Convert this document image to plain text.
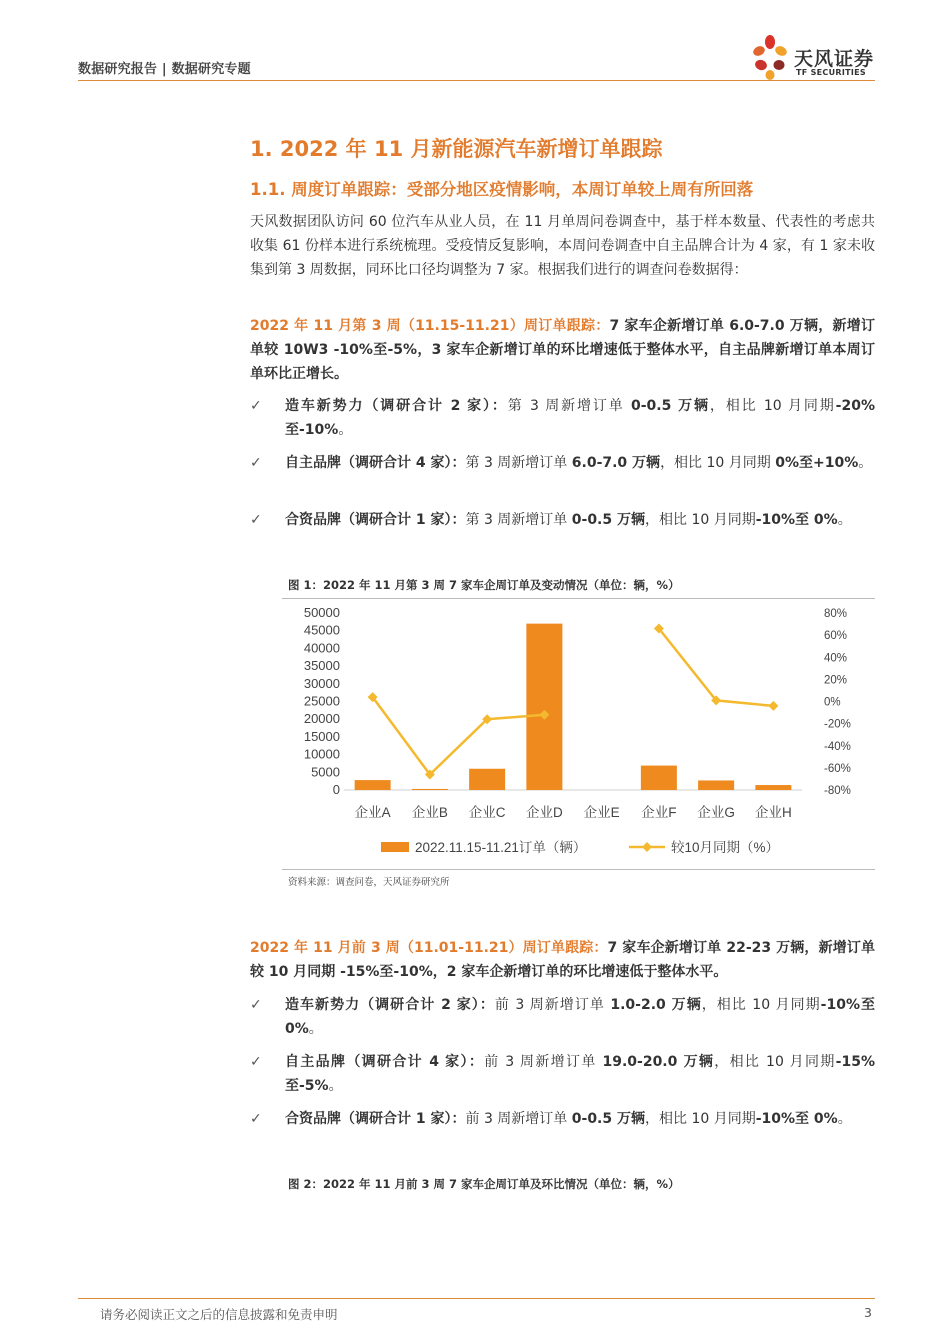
数据研究报告 | 数据研究专题	天风证券
TF SECURITIES
1. 2022 年 11 月新能源汽车新增订单跟踪
1.1. 周度订单跟踪：受部分地区疫情影响，本周订单较上周有所回落
天风数据团队访问 60 位汽车从业人员，在 11 月单周问卷调查中，基于样本数量、代表性的考虑共收集 61 份样本进行系统梳理。受疫情反复影响，本周问卷调查中自主品牌合计为 4 家，有 1 家未收集到第 3 周数据，同环比口径均调整为 7 家。根据我们进行的调查问卷数据得：
2022 年 11 月第 3 周（11.15-11.21）周订单跟踪：7 家车企新增订单 6.0-7.0 万辆，新增订单较 10W3 -10%至-5%，3 家车企新增订单的环比增速低于整体水平，自主品牌新增订单本周订单环比正增长。
✓	造车新势力（调研合计 2 家）：第 3 周新增订单 0-0.5 万辆，相比 10 月同期-20%至-10%。
✓	自主品牌（调研合计 4 家）：第 3 周新增订单 6.0-7.0 万辆，相比 10 月同期 0%至+10%。
✓	合资品牌（调研合计 1 家）：第 3 周新增订单 0-0.5 万辆，相比 10 月同期-10%至 0%。
图 1：2022 年 11 月第 3 周 7 家车企周订单及变动情况（单位：辆，%）
0
5000
10000
15000
20000
25000
30000
35000
40000
45000
50000
-80%
-60%
-40%
-20%
0%
20%
40%
60%
80%
企业A 企业B 企业C 企业D 企业E 企业F 企业G 企业H
2022.11.15-11.21订单（辆）	较10月同期（%）
资料来源：调查问卷，天风证券研究所
2022 年 11 月前 3 周（11.01-11.21）周订单跟踪：7 家车企新增订单 22-23 万辆，新增订单较 10 月同期 -15%至-10%，2 家车企新增订单的环比增速低于整体水平。
✓	造车新势力（调研合计 2 家）：前 3 周新增订单 1.0-2.0 万辆，相比 10 月同期-10%至 0%。
✓	自主品牌（调研合计 4 家）：前 3 周新增订单 19.0-20.0 万辆，相比 10 月同期-15%至-5%。
✓	合资品牌（调研合计 1 家）：前 3 周新增订单 0-0.5 万辆，相比 10 月同期-10%至 0%。
图 2：2022 年 11 月前 3 周 7 家车企周订单及环比情况（单位：辆，%）
请务必阅读正文之后的信息披露和免责申明	3
